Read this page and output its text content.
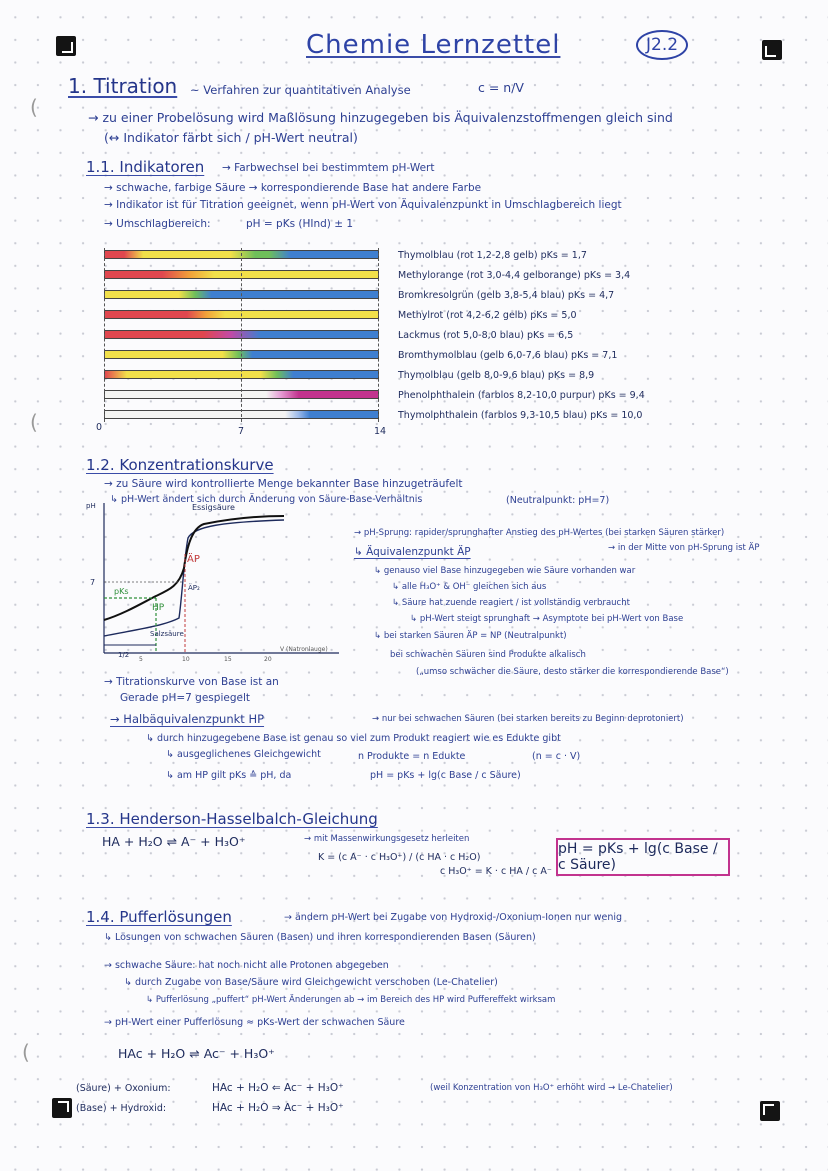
(
(
(
Chemie Lernzettel	J2.2
1. Titration ~ Verfahren zur quantitativen Analyse	c = n/V
→ zu einer Probelösung wird Maßlösung hinzugegeben bis Äquivalenzstoffmengen gleich sind
(↔ Indikator färbt sich / pH-Wert neutral)
1.1. Indikatoren → Farbwechsel bei bestimmtem pH-Wert
→ schwache, farbige Säure → korrespondierende Base hat andere Farbe
→ Indikator ist für Titration geeignet, wenn pH-Wert von Äquivalenzpunkt in Umschlagbereich liegt
→ Umschlagbereich:	pH = pKs (HInd) ± 1
0	7	14
Thymolblau (rot 1,2-2,8 gelb) pKs = 1,7
Methylorange (rot 3,0-4,4 gelborange) pKs = 3,4
Bromkresolgrün (gelb 3,8-5,4 blau) pKs = 4,7
Methylrot (rot 4,2-6,2 gelb) pKs = 5,0
Lackmus (rot 5,0-8,0 blau) pKs = 6,5
Bromthymolblau (gelb 6,0-7,6 blau) pKs = 7,1
Thymolblau (gelb 8,0-9,6 blau) pKs = 8,9
Phenolphthalein (farblos 8,2-10,0 purpur) pKs = 9,4
Thymolphthalein (farblos 9,3-10,5 blau) pKs = 10,0
1.2. Konzentrationskurve
→ zu Säure wird kontrollierte Menge bekannter Base hinzugeträufelt
↳ pH-Wert ändert sich durch Änderung von Säure-Base-Verhältnis	(Neutralpunkt: pH=7)
pH
V (Natronlauge)
Essigsäure
Salzsäure
ÄP
ÄP₂
HP
pKs
7
1/2
5	10	15	20
→ pH-Sprung: rapider/sprunghafter Anstieg des pH-Wertes (bei starken Säuren stärker)
→ in der Mitte von pH-Sprung ist ÄP
↳ Äquivalenzpunkt ÄP
↳ genauso viel Base hinzugegeben wie Säure vorhanden war
↳ alle H₃O⁺ & OH⁻ gleichen sich aus
↳ Säure hat zuende reagiert / ist vollständig verbraucht
↳ pH-Wert steigt sprunghaft → Asymptote bei pH-Wert von Base
↳ bei starken Säuren ÄP = NP (Neutralpunkt)
bei schwachen Säuren sind Produkte alkalisch
(„umso schwächer die Säure, desto stärker die korrespondierende Base“)
→ Titrationskurve von Base ist an
Gerade pH=7 gespiegelt
→ Halbäquivalenzpunkt HP	→ nur bei schwachen Säuren (bei starken bereits zu Beginn deprotoniert)
↳ durch hinzugegebene Base ist genau so viel zum Produkt reagiert wie es Edukte gibt
↳ ausgeglichenes Gleichgewicht	n Produkte = n Edukte	(n = c · V)
↳ am HP gilt pKs ≙ pH, da	pH = pKs + lg(c Base / c Säure)
1.3. Henderson-Hasselbalch-Gleichung
HA + H₂O ⇌ A⁻ + H₃O⁺	→ mit Massenwirkungsgesetz herleiten
K = (c A⁻ · c H₃O⁺) / (c HA · c H₂O)
c H₃O⁺ = K · c HA / c A⁻
pH = pKs + lg(c Base / c Säure)
1.4. Pufferlösungen	→ ändern pH-Wert bei Zugabe von Hydroxid-/Oxonium-Ionen nur wenig
↳ Lösungen von schwachen Säuren (Basen) und ihren korrespondierenden Basen (Säuren)
→ schwache Säure: hat noch nicht alle Protonen abgegeben
↳ durch Zugabe von Base/Säure wird Gleichgewicht verschoben (Le-Chatelier)
↳ Pufferlösung „puffert“ pH-Wert Änderungen ab → im Bereich des HP wird Puffereffekt wirksam
→ pH-Wert einer Pufferlösung ≈ pKs-Wert der schwachen Säure
HAc + H₂O ⇌ Ac⁻ + H₃O⁺
(Säure) + Oxonium:	HAc + H₂O ⇐ Ac⁻ + H₃O⁺	(weil Konzentration von H₃O⁺ erhöht wird → Le-Chatelier)
(Base) + Hydroxid:	HAc + H₂O ⇒ Ac⁻ + H₃O⁺
